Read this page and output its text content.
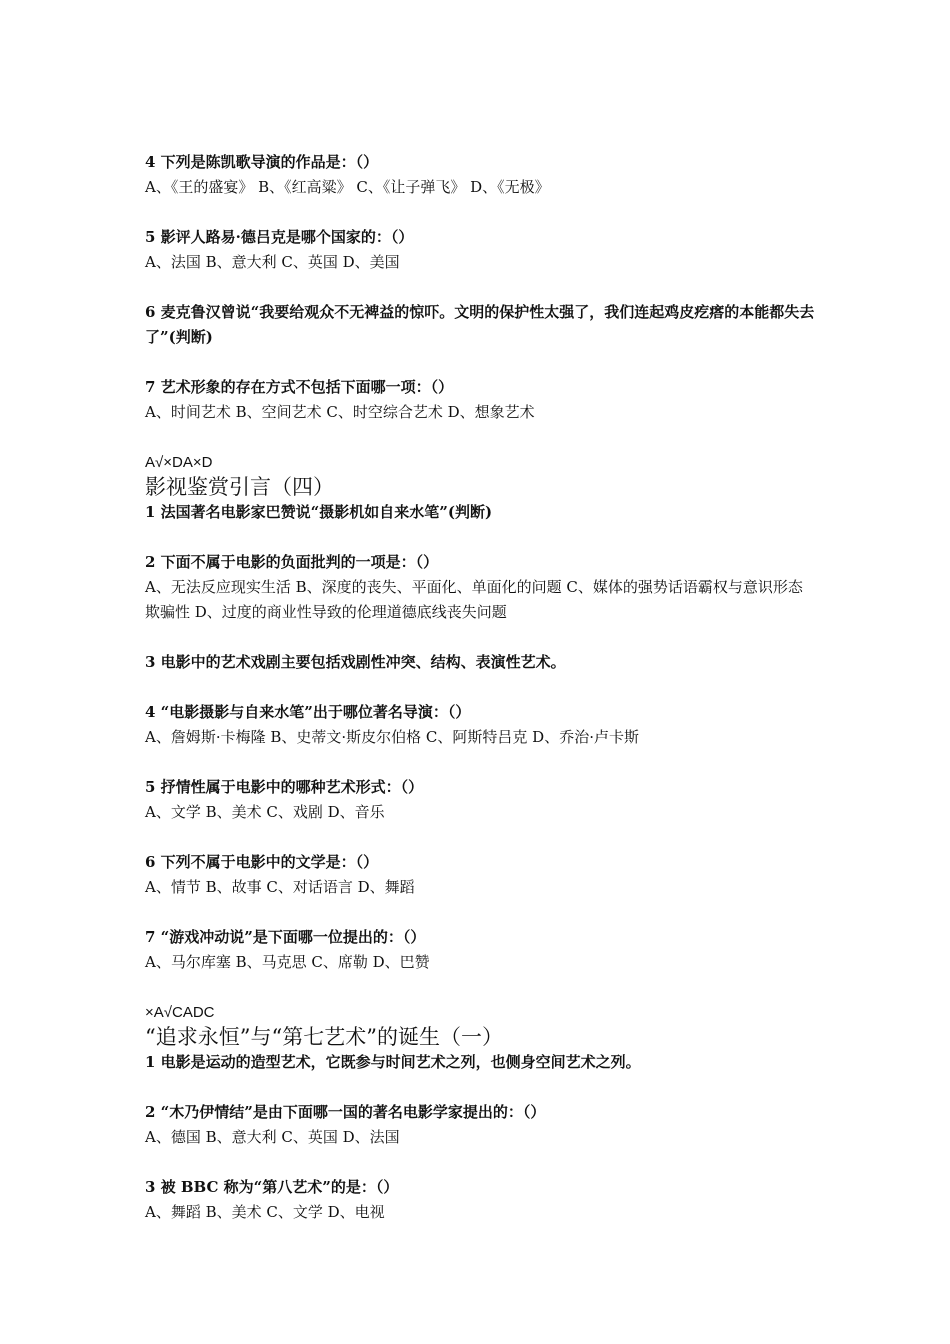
4 下列是陈凯歌导演的作品是：（）

A、《王的盛宴》 B、《红高粱》 C、《让子弹飞》 D、《无极》

5 影评人路易·德吕克是哪个国家的：（）

A、法国 B、意大利 C、英国 D、美国

6 麦克鲁汉曾说“我要给观众不无裨益的惊吓。文明的保护性太强了，我们连起鸡皮疙瘩的本能都失去了”(判断)

7 艺术形象的存在方式不包括下面哪一项：（）

A、时间艺术 B、空间艺术 C、时空综合艺术 D、想象艺术

A√×DA×D

影视鉴赏引言（四）

1 法国著名电影家巴赞说“摄影机如自来水笔”(判断)

2 下面不属于电影的负面批判的一项是：（）

A、无法反应现实生活 B、深度的丧失、平面化、单面化的问题 C、媒体的强势话语霸权与意识形态欺骗性 D、过度的商业性导致的伦理道德底线丧失问题

3 电影中的艺术戏剧主要包括戏剧性冲突、结构、表演性艺术。

4 “电影摄影与自来水笔”出于哪位著名导演：（）

A、詹姆斯·卡梅隆 B、史蒂文·斯皮尔伯格 C、阿斯特吕克 D、乔治·卢卡斯

5 抒情性属于电影中的哪种艺术形式：（）

A、文学 B、美术 C、戏剧 D、音乐

6 下列不属于电影中的文学是：（）

A、情节 B、故事 C、对话语言 D、舞蹈

7 “游戏冲动说”是下面哪一位提出的：（）

A、马尔库塞 B、马克思 C、席勒 D、巴赞

×A√CADC

“追求永恒”与“第七艺术”的诞生（一）

1 电影是运动的造型艺术，它既参与时间艺术之列，也侧身空间艺术之列。

2 “木乃伊情结”是由下面哪一国的著名电影学家提出的：（）

A、德国 B、意大利 C、英国 D、法国

3 被 BBC 称为“第八艺术”的是：（）

A、舞蹈 B、美术 C、文学 D、电视
